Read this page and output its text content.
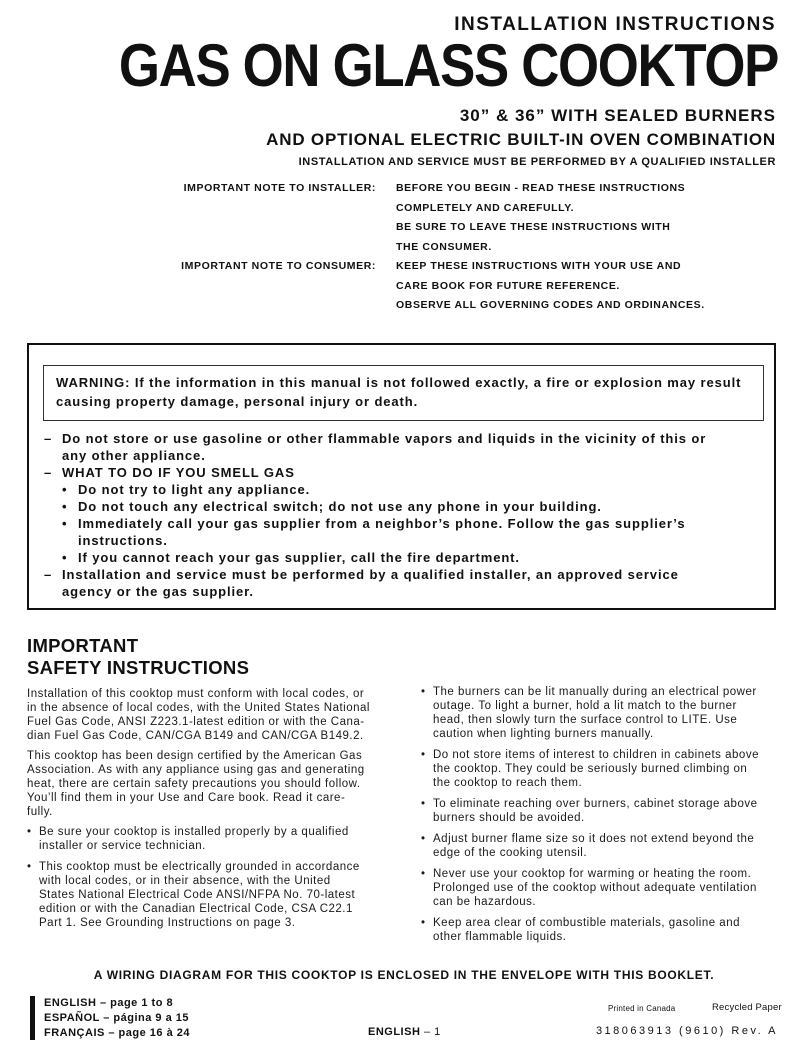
INSTALLATION INSTRUCTIONS
GAS ON GLASS COOKTOP
30” & 36” WITH SEALED BURNERS
AND OPTIONAL ELECTRIC BUILT-IN OVEN COMBINATION
INSTALLATION AND SERVICE MUST BE PERFORMED BY A QUALIFIED INSTALLER
IMPORTANT NOTE TO INSTALLER: BEFORE YOU BEGIN - READ THESE INSTRUCTIONS
COMPLETELY AND CAREFULLY.
BE SURE TO LEAVE THESE INSTRUCTIONS WITH
THE CONSUMER.
IMPORTANT NOTE TO CONSUMER: KEEP THESE INSTRUCTIONS WITH YOUR USE AND
CARE BOOK FOR FUTURE REFERENCE.
OBSERVE ALL GOVERNING CODES AND ORDINANCES.
WARNING: If the information in this manual is not followed exactly, a fire or explosion may result
causing property damage, personal injury or death.
– Do not store or use gasoline or other flammable vapors and liquids in the vicinity of this or
any other appliance.
– WHAT TO DO IF YOU SMELL GAS
• Do not try to light any appliance.
• Do not touch any electrical switch; do not use any phone in your building.
• Immediately call your gas supplier from a neighbor’s phone. Follow the gas supplier’s
instructions.
• If you cannot reach your gas supplier, call the fire department.
– Installation and service must be performed by a qualified installer, an approved service
agency or the gas supplier.
IMPORTANT
SAFETY INSTRUCTIONS

Installation of this cooktop must conform with local codes, or
in the absence of local codes, with the United States National
Fuel Gas Code, ANSI Z223.1-latest edition or with the Cana-
dian Fuel Gas Code, CAN/CGA B149 and CAN/CGA B149.2.

This cooktop has been design certified by the American Gas
Association. As with any appliance using gas and generating
heat, there are certain safety precautions you should follow.
You’ll find them in your Use and Care book. Read it care-
fully.

• Be sure your cooktop is installed properly by a qualified
installer or service technician.
• This cooktop must be electrically grounded in accordance
with local codes, or in their absence, with the United
States National Electrical Code ANSI/NFPA No. 70-latest
edition or with the Canadian Electrical Code, CSA C22.1
Part 1. See Grounding Instructions on page 3.
• The burners can be lit manually during an electrical power
outage. To light a burner, hold a lit match to the burner
head, then slowly turn the surface control to LITE. Use
caution when lighting burners manually.
• Do not store items of interest to children in cabinets above
the cooktop. They could be seriously burned climbing on
the cooktop to reach them.
• To eliminate reaching over burners, cabinet storage above
burners should be avoided.
• Adjust burner flame size so it does not extend beyond the
edge of the cooking utensil.
• Never use your cooktop for warming or heating the room.
Prolonged use of the cooktop without adequate ventilation
can be hazardous.
• Keep area clear of combustible materials, gasoline and
other flammable liquids.
A WIRING DIAGRAM FOR THIS COOKTOP IS ENCLOSED IN THE ENVELOPE WITH THIS BOOKLET.
ENGLISH – page 1 to 8
ESPAÑOL – página 9 a 15
FRANÇAIS – page 16 à 24
Printed in Canada	Recycled Paper
ENGLISH – 1	318063913 (9610) Rev. A
